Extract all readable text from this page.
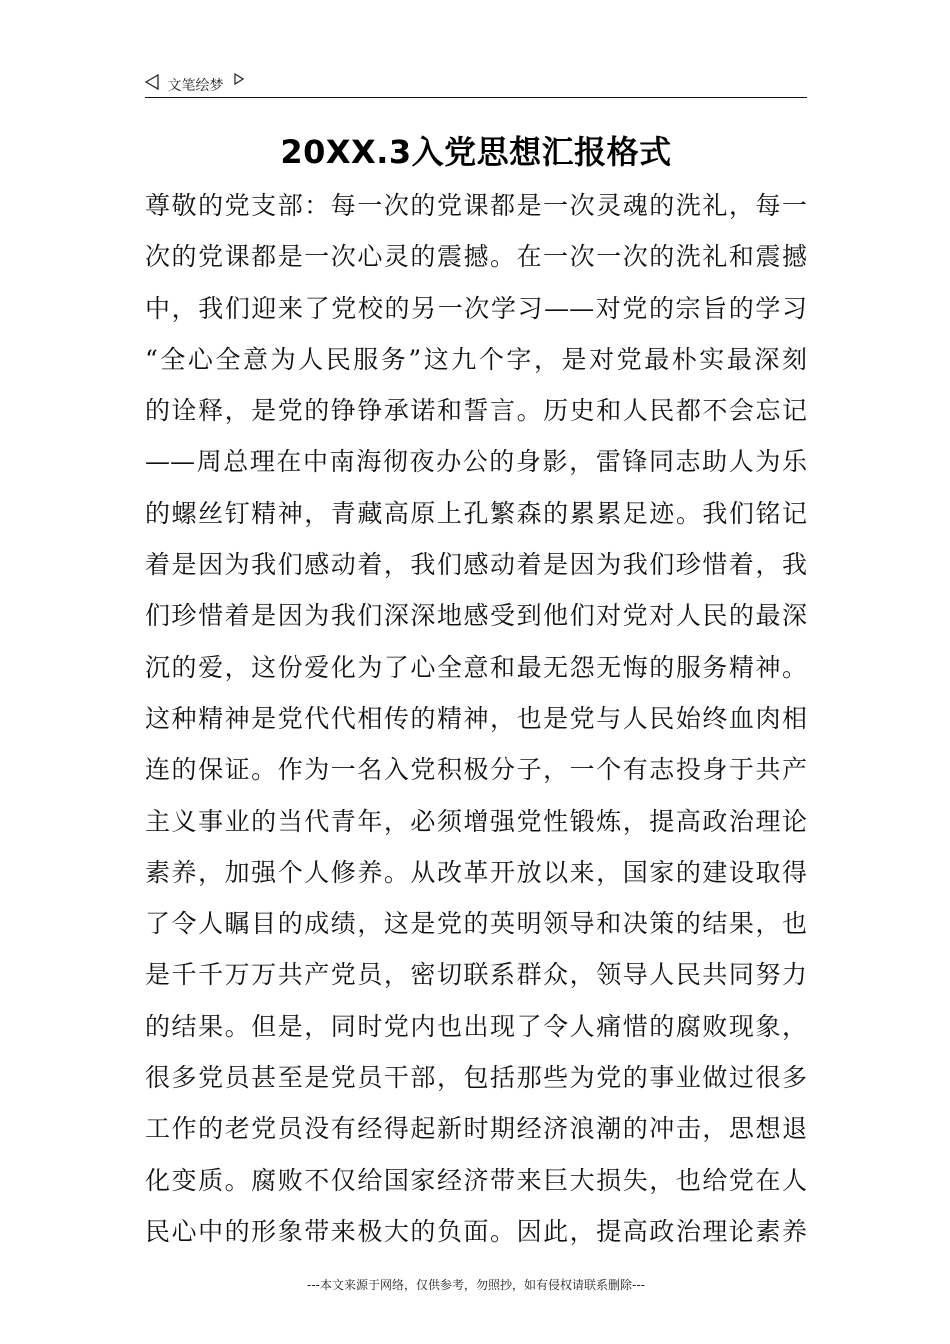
文笔绘梦
20XX.3入党思想汇报格式
尊敬的党支部：每一次的党课都是一次灵魂的洗礼，每一
次的党课都是一次心灵的震撼。在一次一次的洗礼和震撼
中，我们迎来了党校的另一次学习——对党的宗旨的学习
“全心全意为人民服务”这九个字，是对党最朴实最深刻
的诠释，是党的铮铮承诺和誓言。历史和人民都不会忘记
——周总理在中南海彻夜办公的身影，雷锋同志助人为乐
的螺丝钉精神，青藏高原上孔繁森的累累足迹。我们铭记
着是因为我们感动着，我们感动着是因为我们珍惜着，我
们珍惜着是因为我们深深地感受到他们对党对人民的最深
沉的爱，这份爱化为了心全意和最无怨无悔的服务精神。
这种精神是党代代相传的精神，也是党与人民始终血肉相
连的保证。作为一名入党积极分子，一个有志投身于共产
主义事业的当代青年，必须增强党性锻炼，提高政治理论
素养，加强个人修养。从改革开放以来，国家的建设取得
了令人瞩目的成绩，这是党的英明领导和决策的结果，也
是千千万万共产党员，密切联系群众，领导人民共同努力
的结果。但是，同时党内也出现了令人痛惜的腐败现象，
很多党员甚至是党员干部，包括那些为党的事业做过很多
工作的老党员没有经得起新时期经济浪潮的冲击，思想退
化变质。腐败不仅给国家经济带来巨大损失，也给党在人
民心中的形象带来极大的负面。因此，提高政治理论素养
---本文来源于网络，仅供参考，勿照抄，如有侵权请联系删除---
